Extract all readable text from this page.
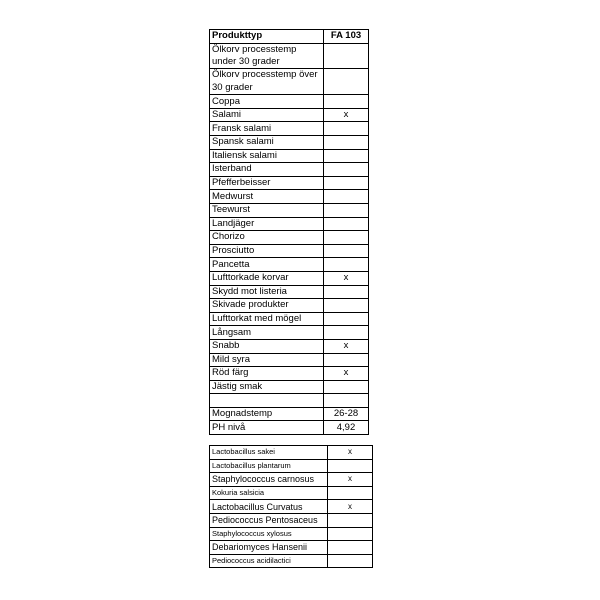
Produkttyp	FA 103
Ölkorv processtemp under 30 grader	
Ölkorv processtemp över 30 grader	
Coppa	
Salami	x
Fransk salami	
Spansk salami	
Italiensk salami	
Isterband	
Pfefferbeisser	
Medwurst	
Teewurst	
Landjäger	
Chorizo	
Prosciutto	
Pancetta	
Lufttorkade korvar	x
Skydd mot listeria	
Skivade produkter	
Lufttorkat med mögel	
Långsam	
Snabb	x
Mild syra	
Röd färg	x
Jästig smak	

Mognadstemp	26-28
PH nivå	4,92
Lactobacillus sakei	x
Lactobacillus plantarum	
Staphylococcus carnosus	x
Kokuria salsicia	
Lactobacillus Curvatus	x
Pediococcus Pentosaceus	
Staphylococcus xylosus	
Debariomyces Hansenii	
Pediococcus acidilactici	
